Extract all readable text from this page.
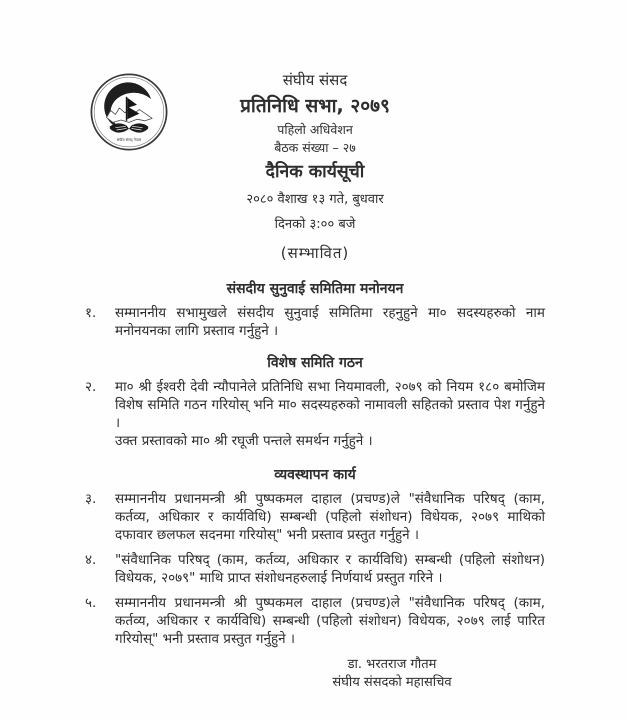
संघीय संसद् नेपाल
संघीय संसद
प्रतिनिधि सभा, २०७९
पहिलो अधिवेशन
बैठक संख्या – २७
दैनिक कार्यसूची
२०८० वैशाख १३ गते, बुधवार
दिनको ३:०० बजे
(सम्भावित)
संसदीय सुनुवाई समितिमा मनोनयन
१.	सम्माननीय सभामुखले संसदीय सुनुवाई समितिमा रहनुहुने मा० सदस्यहरुको नाम मनोनयनका लागि प्रस्ताव गर्नुहुने ।
विशेष समिति गठन
२.	मा० श्री ईश्वरी देवी न्यौपानेले प्रतिनिधि सभा नियमावली, २०७९ को नियम १८० बमोजिम विशेष समिति गठन गरियोस् भनि मा० सदस्यहरुको नामावली सहितको प्रस्ताव पेश गर्नुहुने ।
उक्त प्रस्तावको मा० श्री रघूजी पन्तले समर्थन गर्नुहुने ।
व्यवस्थापन कार्य
३.	सम्माननीय प्रधानमन्त्री श्री पुष्पकमल दाहाल (प्रचण्ड)ले "संवैधानिक परिषद् (काम, कर्तव्य, अधिकार र कार्यविधि) सम्बन्धी (पहिलो संशोधन) विधेयक, २०७९ माथिको दफावार छलफल सदनमा गरियोस्" भनी प्रस्ताव प्रस्तुत गर्नुहुने ।
४.	"संवैधानिक परिषद् (काम, कर्तव्य, अधिकार र कार्यविधि) सम्बन्धी (पहिलो संशोधन) विधेयक, २०७९" माथि प्राप्त संशोधनहरुलाई निर्णयार्थ प्रस्तुत गरिने ।
५.	सम्माननीय प्रधानमन्त्री श्री पुष्पकमल दाहाल (प्रचण्ड)ले "संवैधानिक परिषद् (काम, कर्तव्य, अधिकार र कार्यविधि) सम्बन्धी (पहिलो संशोधन) विधेयक, २०७९ लाई पारित गरियोस्" भनी प्रस्ताव प्रस्तुत गर्नुहुने ।
डा. भरतराज गौतम
संघीय संसदको महासचिव
